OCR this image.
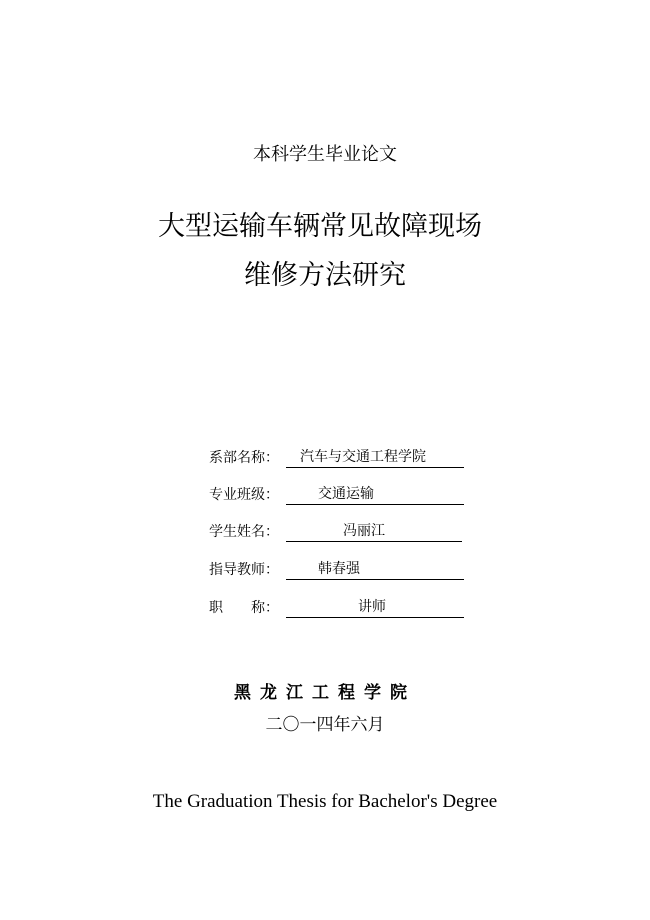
本科学生毕业论文
大型运输车辆常见故障现场
维修方法研究
系部名称：	汽车与交通工程学院
专业班级：	交通运输
学生姓名：	冯丽江
指导教师：	韩春强
职　　称：	讲师
黑龙江工程学院
二〇一四年六月
The Graduation Thesis for Bachelor's Degree
